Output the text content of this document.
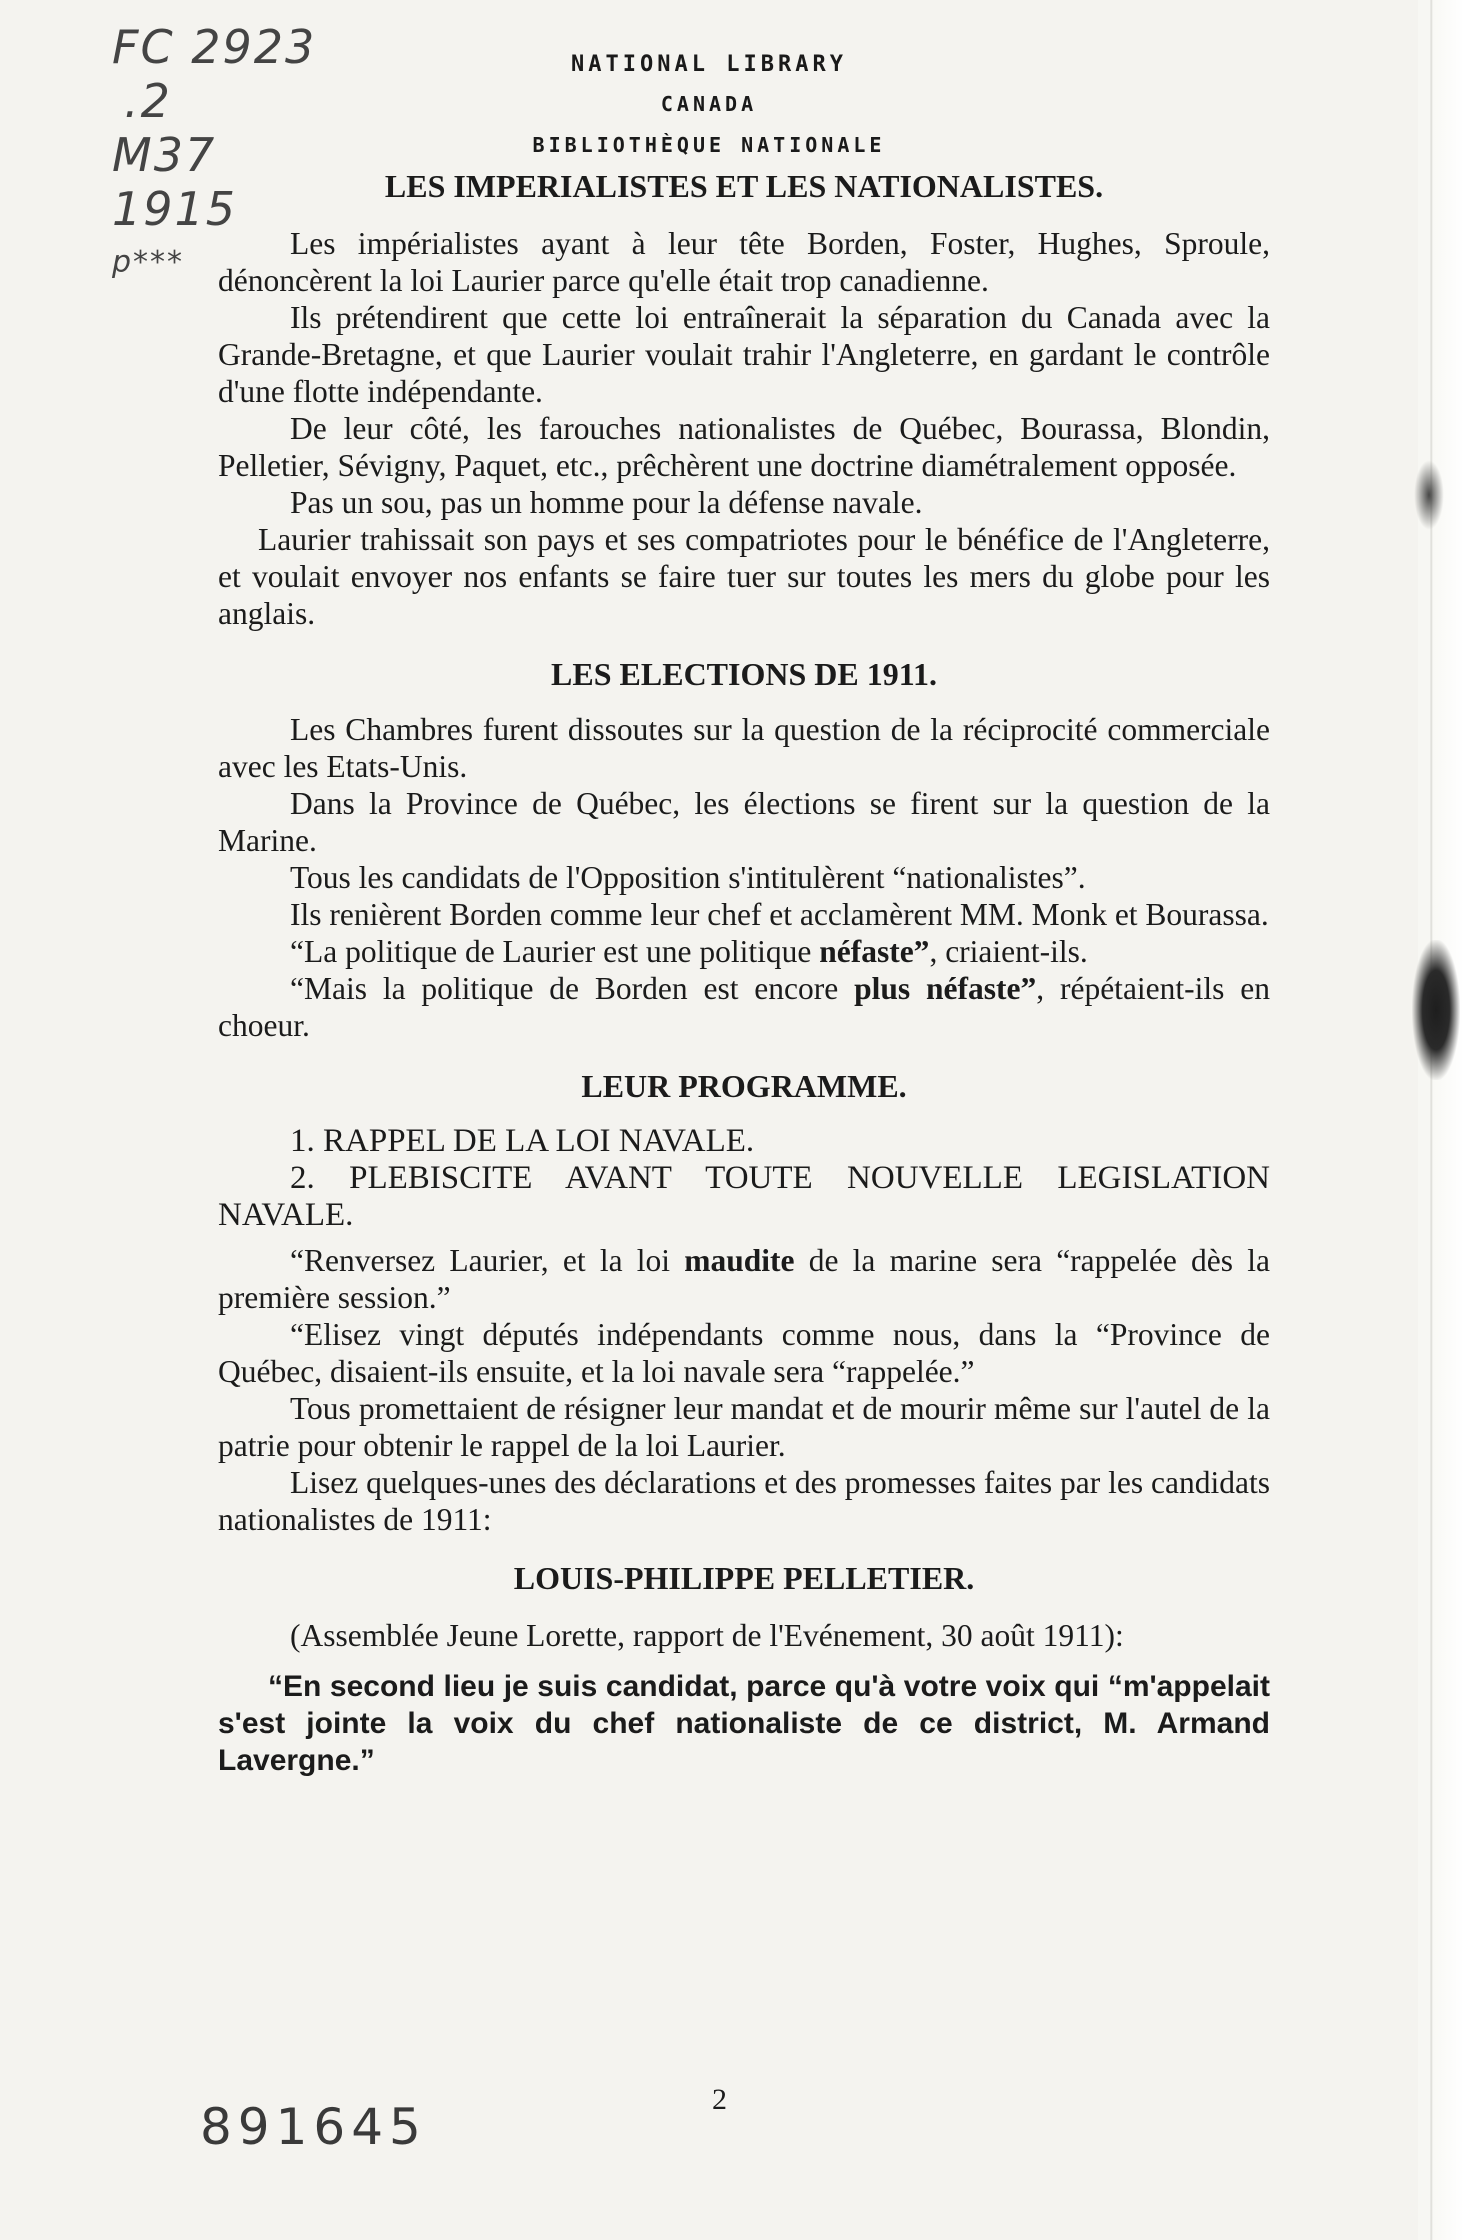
FC 2923
.2
M37
1915
p***
NATIONAL LIBRARY
CANADA
BIBLIOTHÈQUE NATIONALE
LES IMPERIALISTES ET LES NATIONALISTES.

Les impérialistes ayant à leur tête Borden, Foster, Hughes, Sproule, dénoncèrent la loi Laurier parce qu'elle était trop canadienne.

Ils prétendirent que cette loi entraînerait la séparation du Canada avec la Grande-Bretagne, et que Laurier voulait trahir l'Angleterre, en gardant le contrôle d'une flotte indépendante.

De leur côté, les farouches nationalistes de Québec, Bourassa, Blondin, Pelletier, Sévigny, Paquet, etc., prêchèrent une doctrine diamétralement opposée.

Pas un sou, pas un homme pour la défense navale.

Laurier trahissait son pays et ses compatriotes pour le bénéfice de l'Angleterre, et voulait envoyer nos enfants se faire tuer sur toutes les mers du globe pour les anglais.

LES ELECTIONS DE 1911.

Les Chambres furent dissoutes sur la question de la réciprocité commerciale avec les Etats-Unis.

Dans la Province de Québec, les élections se firent sur la question de la Marine.

Tous les candidats de l'Opposition s'intitulèrent “nationalistes”.

Ils renièrent Borden comme leur chef et acclamèrent MM. Monk et Bourassa.

“La politique de Laurier est une politique néfaste”, criaient-ils.

“Mais la politique de Borden est encore plus néfaste”, répétaient-ils en choeur.

LEUR PROGRAMME.

1. RAPPEL DE LA LOI NAVALE.

2. PLEBISCITE AVANT TOUTE NOUVELLE LEGISLATION NAVALE.

“Renversez Laurier, et la loi maudite de la marine sera “rappelée dès la première session.”

“Elisez vingt députés indépendants comme nous, dans la “Province de Québec, disaient-ils ensuite, et la loi navale sera “rappelée.”

Tous promettaient de résigner leur mandat et de mourir même sur l'autel de la patrie pour obtenir le rappel de la loi Laurier.

Lisez quelques-unes des déclarations et des promesses faites par les candidats nationalistes de 1911:

LOUIS-PHILIPPE PELLETIER.

(Assemblée Jeune Lorette, rapport de l'Evénement, 30 août 1911):

“En second lieu je suis candidat, parce qu'à votre voix qui “m'appelait s'est jointe la voix du chef nationaliste de ce district, M. Armand Lavergne.”

2
891645
